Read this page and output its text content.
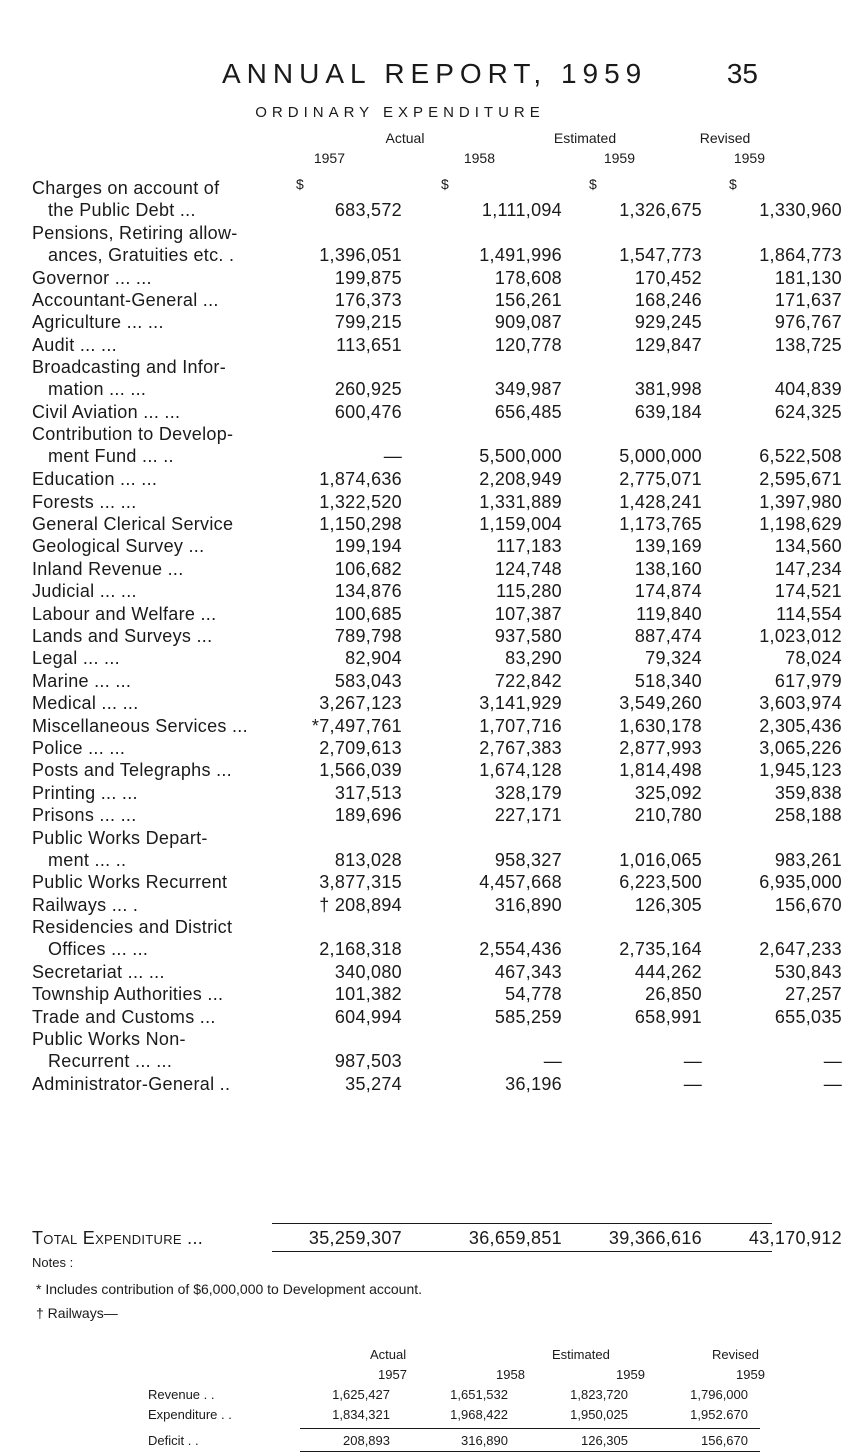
ANNUAL REPORT, 1959	35
ORDINARY EXPENDITURE
Actual	Estimated	Revised
1957	1958	1959	1959
$	$	$	$
Charges on account of
the Public Debt ...	683,572	1,111,094	1,326,675	1,330,960
Pensions, Retiring allow-
ances, Gratuities etc. .	1,396,051	1,491,996	1,547,773	1,864,773
Governor ... ...	199,875	178,608	170,452	181,130
Accountant-General ...	176,373	156,261	168,246	171,637
Agriculture ... ...	799,215	909,087	929,245	976,767
Audit ... ...	113,651	120,778	129,847	138,725
Broadcasting and Infor-
mation ... ...	260,925	349,987	381,998	404,839
Civil Aviation ... ...	600,476	656,485	639,184	624,325
Contribution to Develop-
ment Fund ... ..	—	5,500,000	5,000,000	6,522,508
Education ... ...	1,874,636	2,208,949	2,775,071	2,595,671
Forests ... ...	1,322,520	1,331,889	1,428,241	1,397,980
General Clerical Service	1,150,298	1,159,004	1,173,765	1,198,629
Geological Survey ...	199,194	117,183	139,169	134,560
Inland Revenue ...	106,682	124,748	138,160	147,234
Judicial ... ...	134,876	115,280	174,874	174,521
Labour and Welfare ...	100,685	107,387	119,840	114,554
Lands and Surveys ...	789,798	937,580	887,474	1,023,012
Legal ... ...	82,904	83,290	79,324	78,024
Marine ... ...	583,043	722,842	518,340	617,979
Medical ... ...	3,267,123	3,141,929	3,549,260	3,603,974
Miscellaneous Services ...	*7,497,761	1,707,716	1,630,178	2,305,436
Police ... ...	2,709,613	2,767,383	2,877,993	3,065,226
Posts and Telegraphs ...	1,566,039	1,674,128	1,814,498	1,945,123
Printing ... ...	317,513	328,179	325,092	359,838
Prisons ... ...	189,696	227,171	210,780	258,188
Public Works Depart-
ment ... ..	813,028	958,327	1,016,065	983,261
Public Works Recurrent	3,877,315	4,457,668	6,223,500	6,935,000
Railways ... .	† 208,894	316,890	126,305	156,670
Residencies and District
Offices ... ...	2,168,318	2,554,436	2,735,164	2,647,233
Secretariat ... ...	340,080	467,343	444,262	530,843
Township Authorities ...	101,382	54,778	26,850	27,257
Trade and Customs ...	604,994	585,259	658,991	655,035
Public Works Non-
Recurrent ... ...	987,503	—	—	—
Administrator-General ..	35,274	36,196	—	—
Total Expenditure ...	35,259,307	36,659,851	39,366,616	43,170,912
Notes :
* Includes contribution of $6,000,000 to Development account.
† Railways—
Actual	Estimated	Revised
1957	1958	1959	1959
Revenue . .	1,625,427	1,651,532	1,823,720	1,796,000
Expenditure . .	1,834,321	1,968,422	1,950,025	1,952.670
Deficit . .	208,893	316,890	126,305	156,670
